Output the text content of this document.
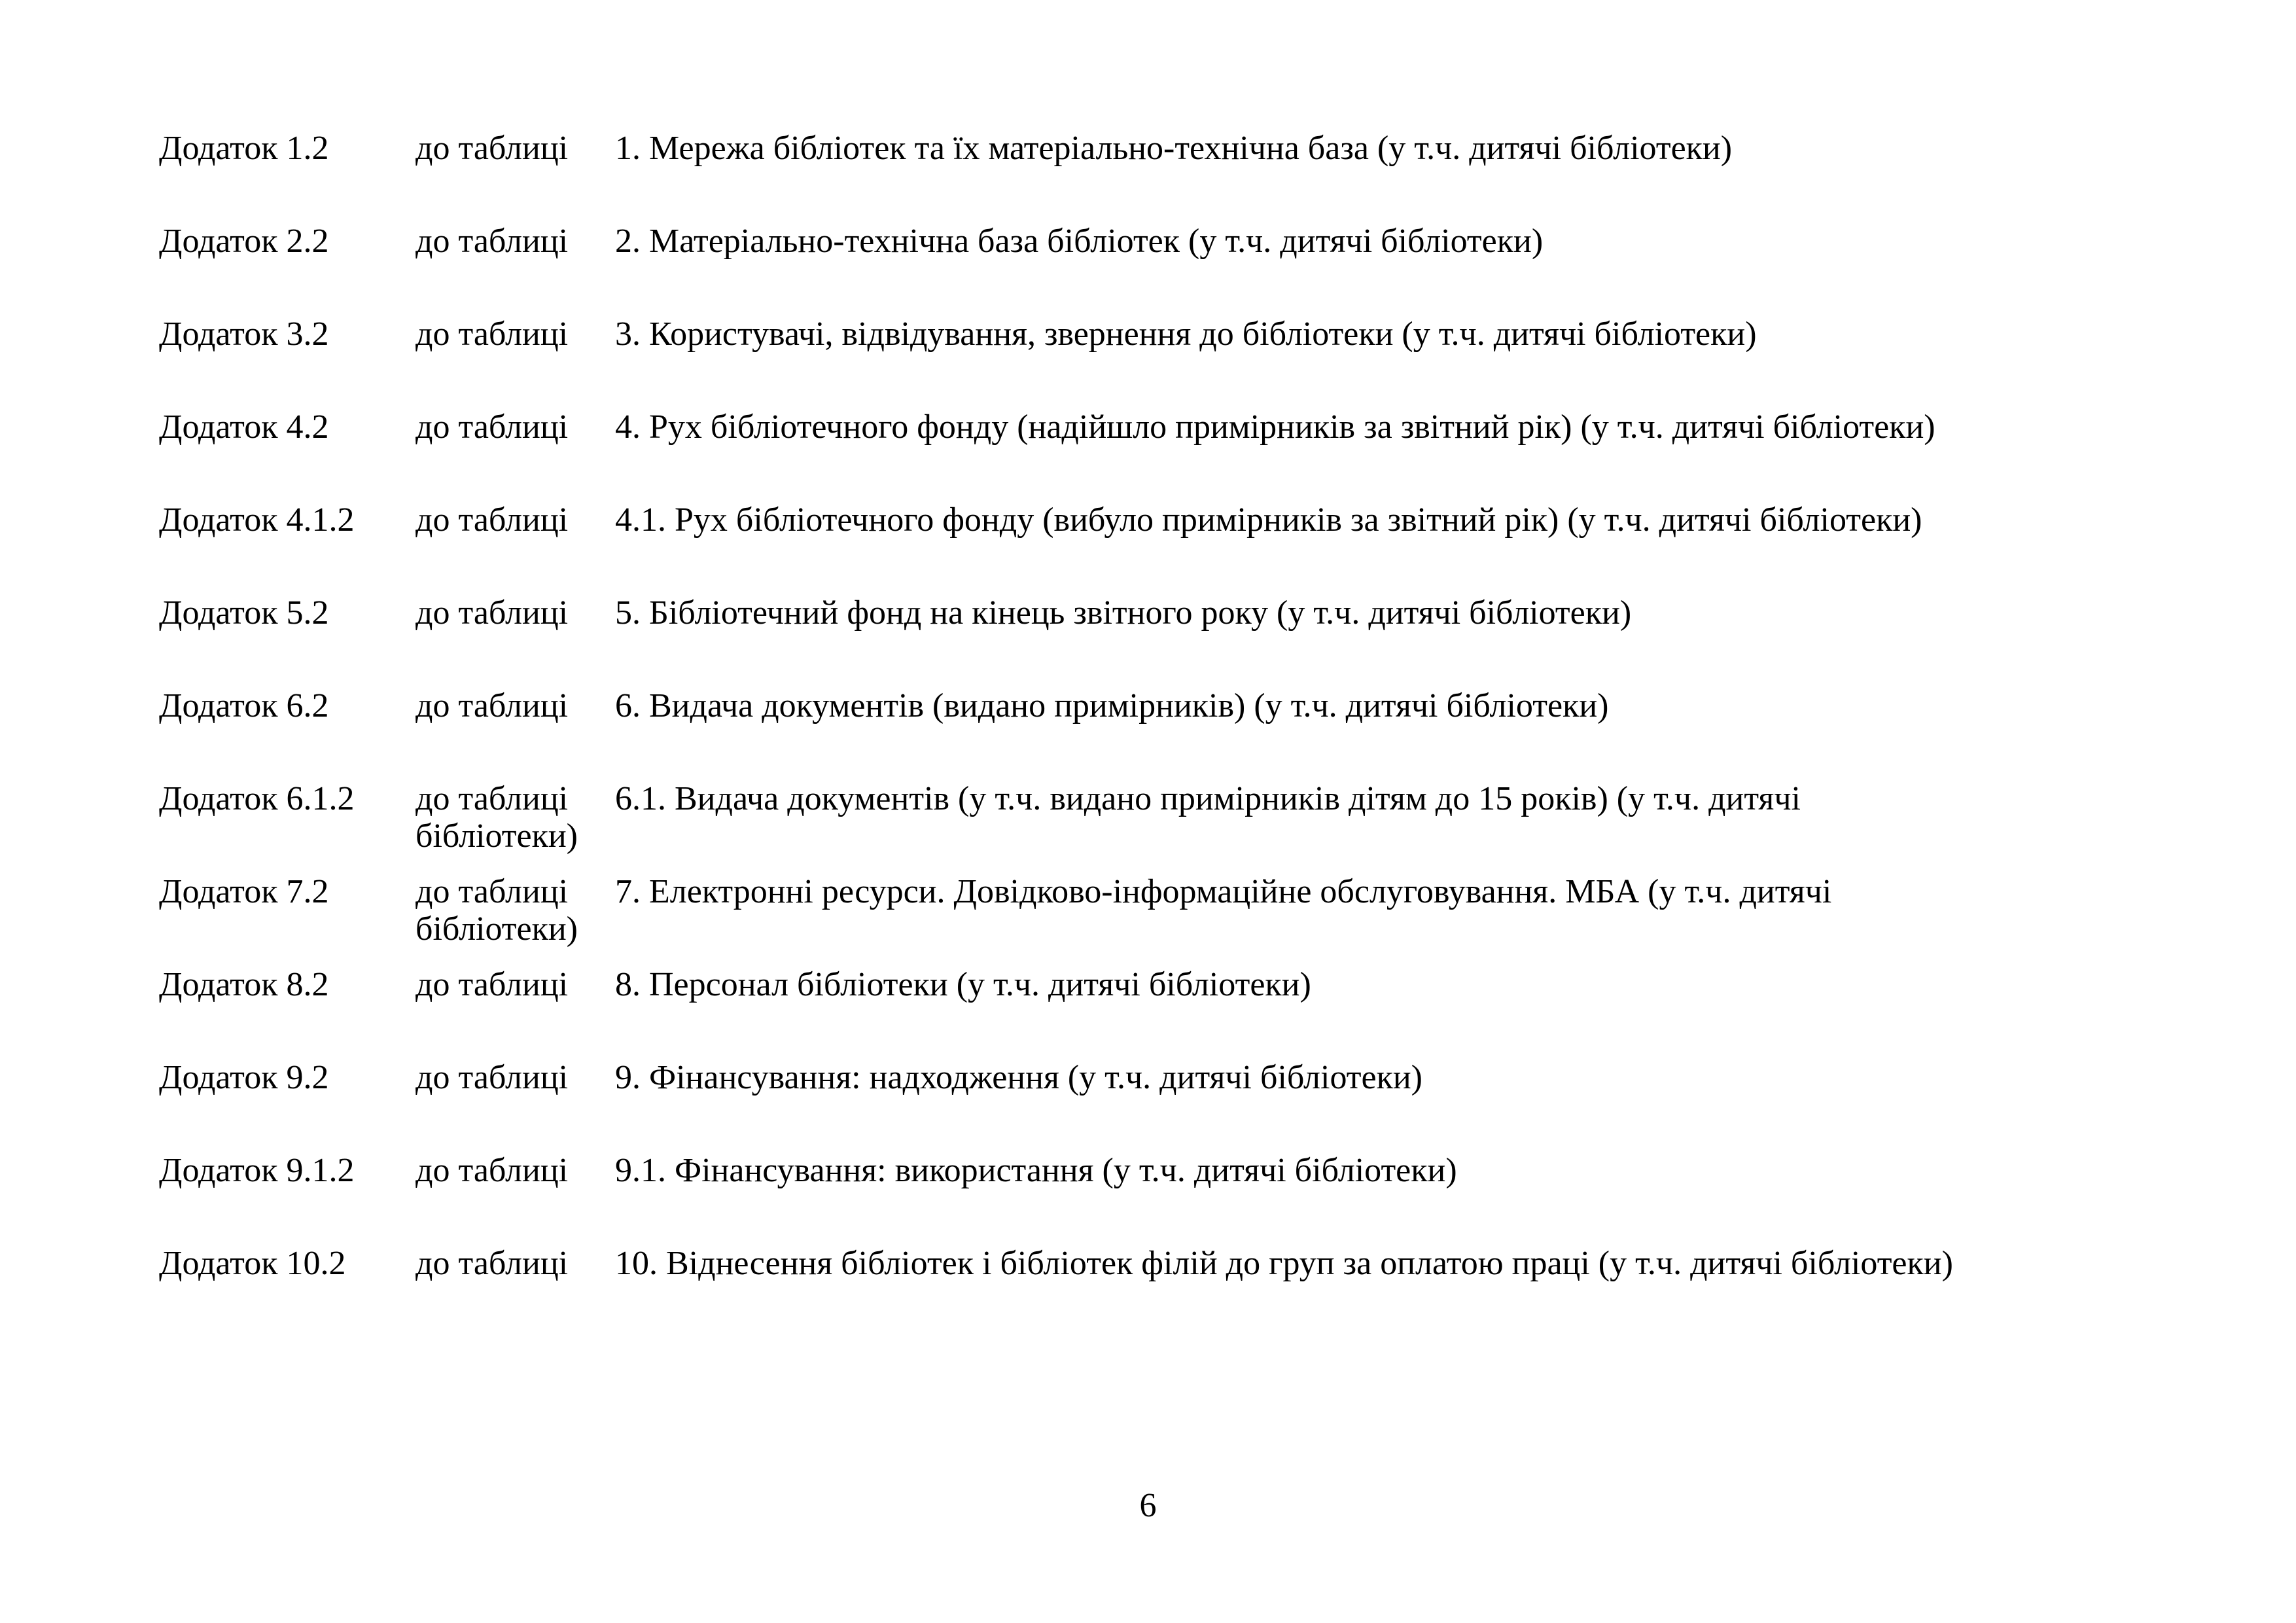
Додаток 1.2	до таблиці 1. Мережа бібліотек та їх матеріально-технічна база (у т.ч. дитячі бібліотеки)
Додаток 2.2	до таблиці 2. Матеріально-технічна база бібліотек (у т.ч. дитячі бібліотеки)
Додаток 3.2	до таблиці 3. Користувачі, відвідування, звернення до бібліотеки (у т.ч. дитячі бібліотеки)
Додаток 4.2	до таблиці 4. Рух бібліотечного фонду (надійшло примірників за звітний рік) (у т.ч. дитячі бібліотеки)
Додаток 4.1.2 до таблиці 4.1. Рух бібліотечного фонду (вибуло примірників за звітний рік) (у т.ч. дитячі бібліотеки)
Додаток 5.2	до таблиці 5. Бібліотечний фонд на кінець звітного року (у т.ч. дитячі бібліотеки)
Додаток 6.2	до таблиці 6. Видача документів (видано примірників) (у т.ч. дитячі бібліотеки)
Додаток 6.1.2 до таблиці 6.1. Видача документів (у т.ч. видано примірників дітям до 15 років) (у т.ч. дитячі
бібліотеки)
Додаток 7.2	до таблиці 7. Електронні ресурси. Довідково-інформаційне обслуговування. МБА (у т.ч. дитячі
бібліотеки)
Додаток 8.2	до таблиці 8. Персонал бібліотеки (у т.ч. дитячі бібліотеки)
Додаток 9.2	до таблиці 9. Фінансування: надходження (у т.ч. дитячі бібліотеки)
Додаток 9.1.2 до таблиці 9.1. Фінансування: використання (у т.ч. дитячі бібліотеки)
Додаток 10.2 до таблиці 10. Віднесення бібліотек і бібліотек філій до груп за оплатою праці (у т.ч. дитячі бібліотеки)
6
